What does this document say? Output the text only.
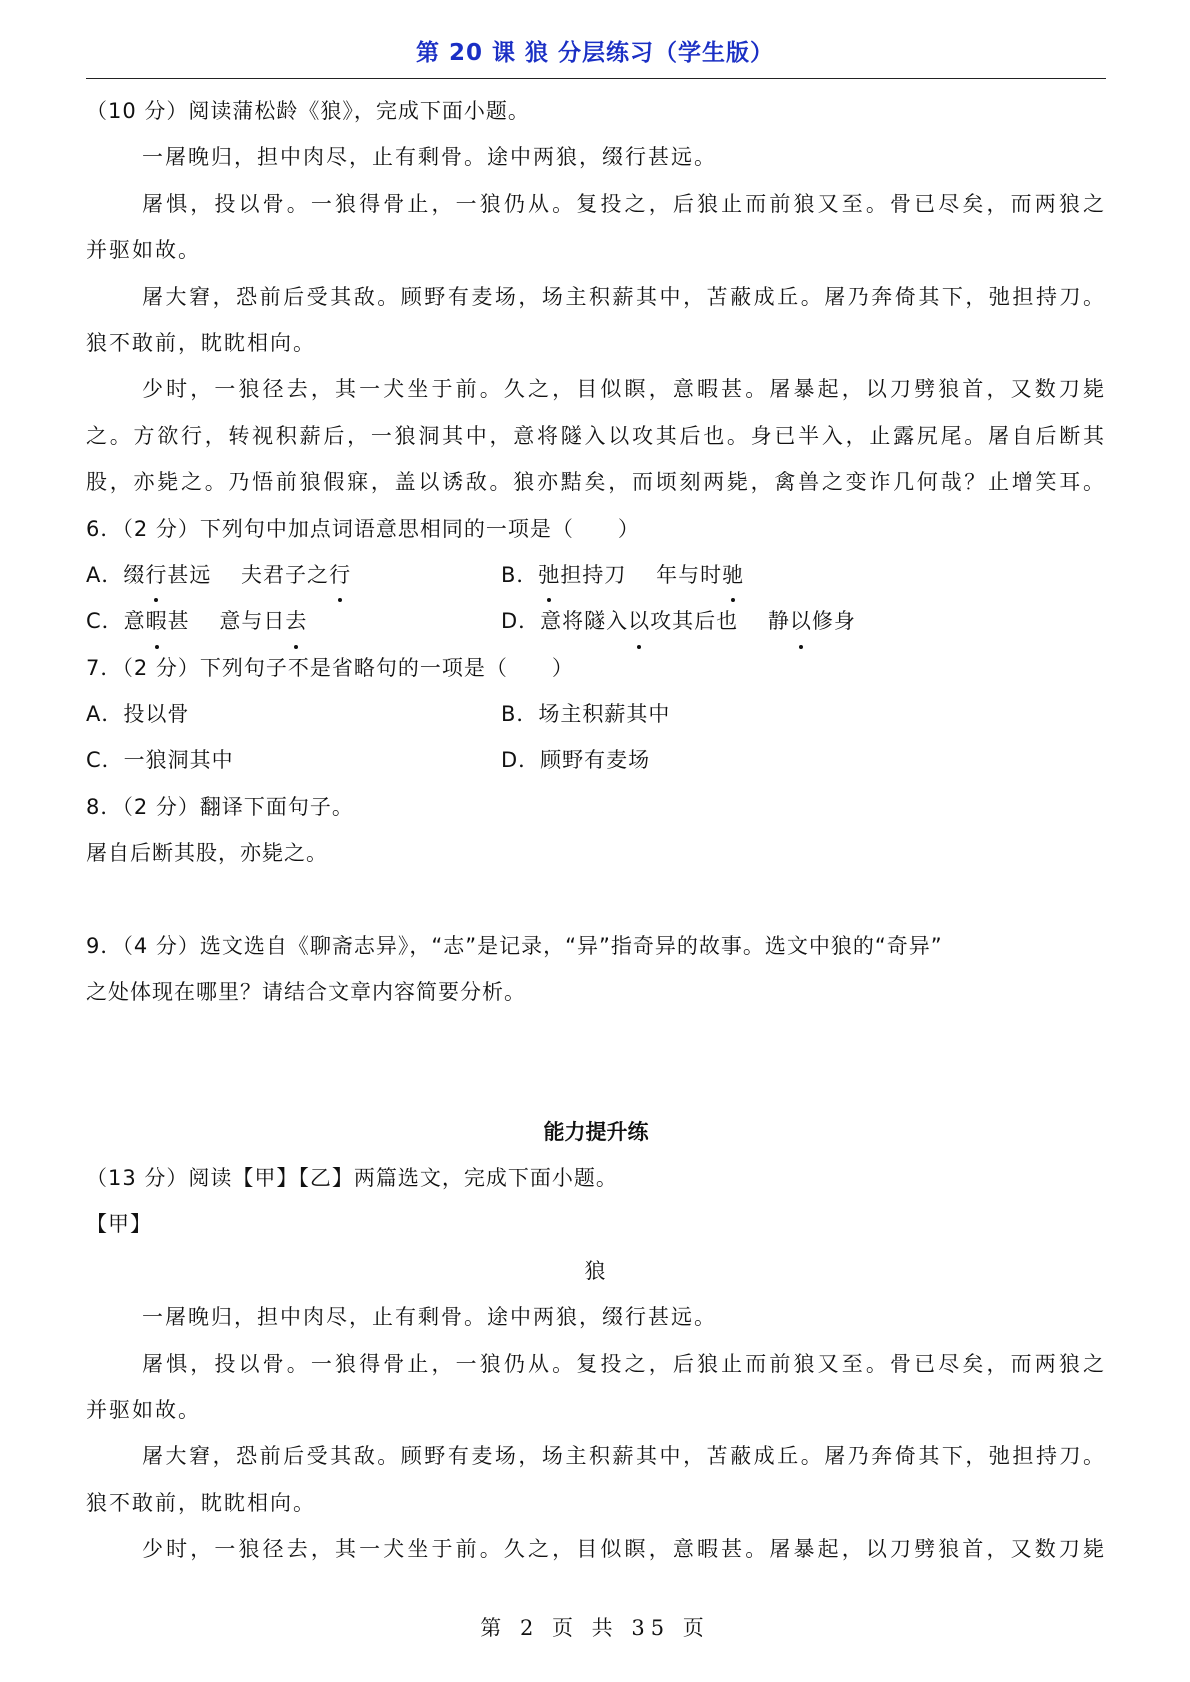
第 20 课 狼 分层练习（学生版）
（10 分）阅读蒲松龄《狼》，完成下面小题。
一屠晚归，担中肉尽，止有剩骨。途中两狼，缀行甚远。
屠惧，投以骨。一狼得骨止，一狼仍从。复投之，后狼止而前狼又至。骨已尽矣，而两狼之
并驱如故。
屠大窘，恐前后受其敌。顾野有麦场，场主积薪其中，苫蔽成丘。屠乃奔倚其下，弛担持刀。
狼不敢前，眈眈相向。
少时，一狼径去，其一犬坐于前。久之，目似瞑，意暇甚。屠暴起，以刀劈狼首，又数刀毙
之。方欲行，转视积薪后，一狼洞其中，意将隧入以攻其后也。身已半入，止露尻尾。屠自后断其
股，亦毙之。乃悟前狼假寐，盖以诱敌。狼亦黠矣，而顷刻两毙，禽兽之变诈几何哉？止增笑耳。
6．（2 分）下列句中加点词语意思相同的一项是（　　）
A．缀行甚远　 夫君子之行	B．弛担持刀　 年与时驰
C．意暇甚　 意与日去	D．意将隧入以攻其后也　 静以修身
7．（2 分）下列句子不是省略句的一项是（　　）
A．投以骨	B．场主积薪其中
C．一狼洞其中	D．顾野有麦场
8．（2 分）翻译下面句子。
屠自后断其股，亦毙之。
9．（4 分）选文选自《聊斋志异》，“志”是记录，“异”指奇异的故事。选文中狼的“奇异”
之处体现在哪里？请结合文章内容简要分析。
能力提升练
（13 分）阅读【甲】【乙】两篇选文，完成下面小题。
【甲】
狼
一屠晚归，担中肉尽，止有剩骨。途中两狼，缀行甚远。
屠惧，投以骨。一狼得骨止，一狼仍从。复投之，后狼止而前狼又至。骨已尽矣，而两狼之
并驱如故。
屠大窘，恐前后受其敌。顾野有麦场，场主积薪其中，苫蔽成丘。屠乃奔倚其下，弛担持刀。
狼不敢前，眈眈相向。
少时，一狼径去，其一犬坐于前。久之，目似瞑，意暇甚。屠暴起，以刀劈狼首，又数刀毙
第 2 页 共 35 页
